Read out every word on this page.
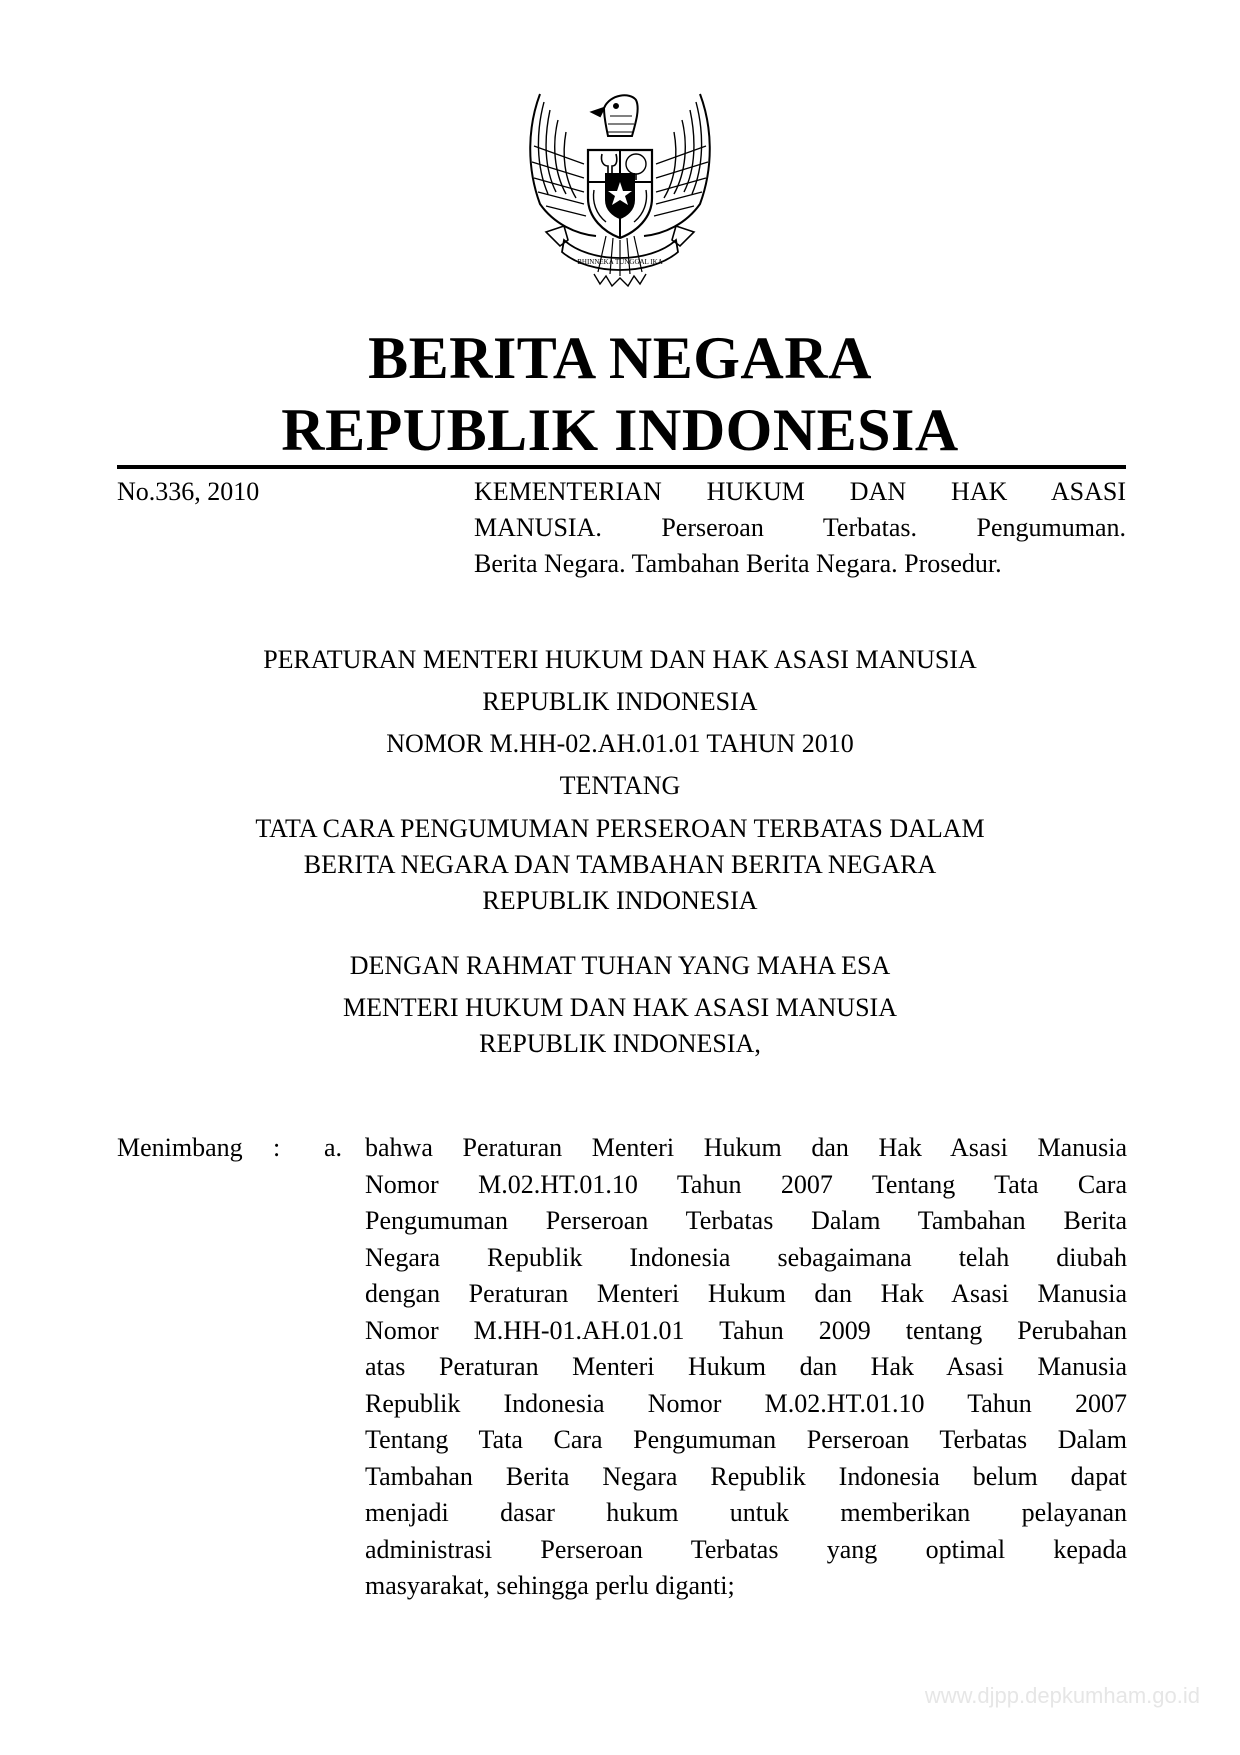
BHINNEKA TUNGGAL IKA
BERITA NEGARA
REPUBLIK INDONESIA
No.336, 2010	KEMENTERIAN HUKUM DAN HAK ASASI
MANUSIA. Perseroan Terbatas. Pengumuman.
Berita Negara. Tambahan Berita Negara. Prosedur.
PERATURAN MENTERI HUKUM DAN HAK ASASI MANUSIA
REPUBLIK INDONESIA
NOMOR M.HH-02.AH.01.01 TAHUN 2010
TENTANG
TATA CARA PENGUMUMAN PERSEROAN TERBATAS DALAM
BERITA NEGARA DAN TAMBAHAN BERITA NEGARA
REPUBLIK INDONESIA
DENGAN RAHMAT TUHAN YANG MAHA ESA
MENTERI HUKUM DAN HAK ASASI MANUSIA
REPUBLIK INDONESIA,
Menimbang : a. bahwa Peraturan Menteri Hukum dan Hak Asasi Manusia
Nomor M.02.HT.01.10 Tahun 2007 Tentang Tata Cara
Pengumuman Perseroan Terbatas Dalam Tambahan Berita
Negara Republik Indonesia sebagaimana telah diubah
dengan Peraturan Menteri Hukum dan Hak Asasi Manusia
Nomor M.HH-01.AH.01.01 Tahun 2009 tentang Perubahan
atas Peraturan Menteri Hukum dan Hak Asasi Manusia
Republik Indonesia Nomor M.02.HT.01.10 Tahun 2007
Tentang Tata Cara Pengumuman Perseroan Terbatas Dalam
Tambahan Berita Negara Republik Indonesia belum dapat
menjadi dasar hukum untuk memberikan pelayanan
administrasi Perseroan Terbatas yang optimal kepada
masyarakat, sehingga perlu diganti;
www.djpp.depkumham.go.id
